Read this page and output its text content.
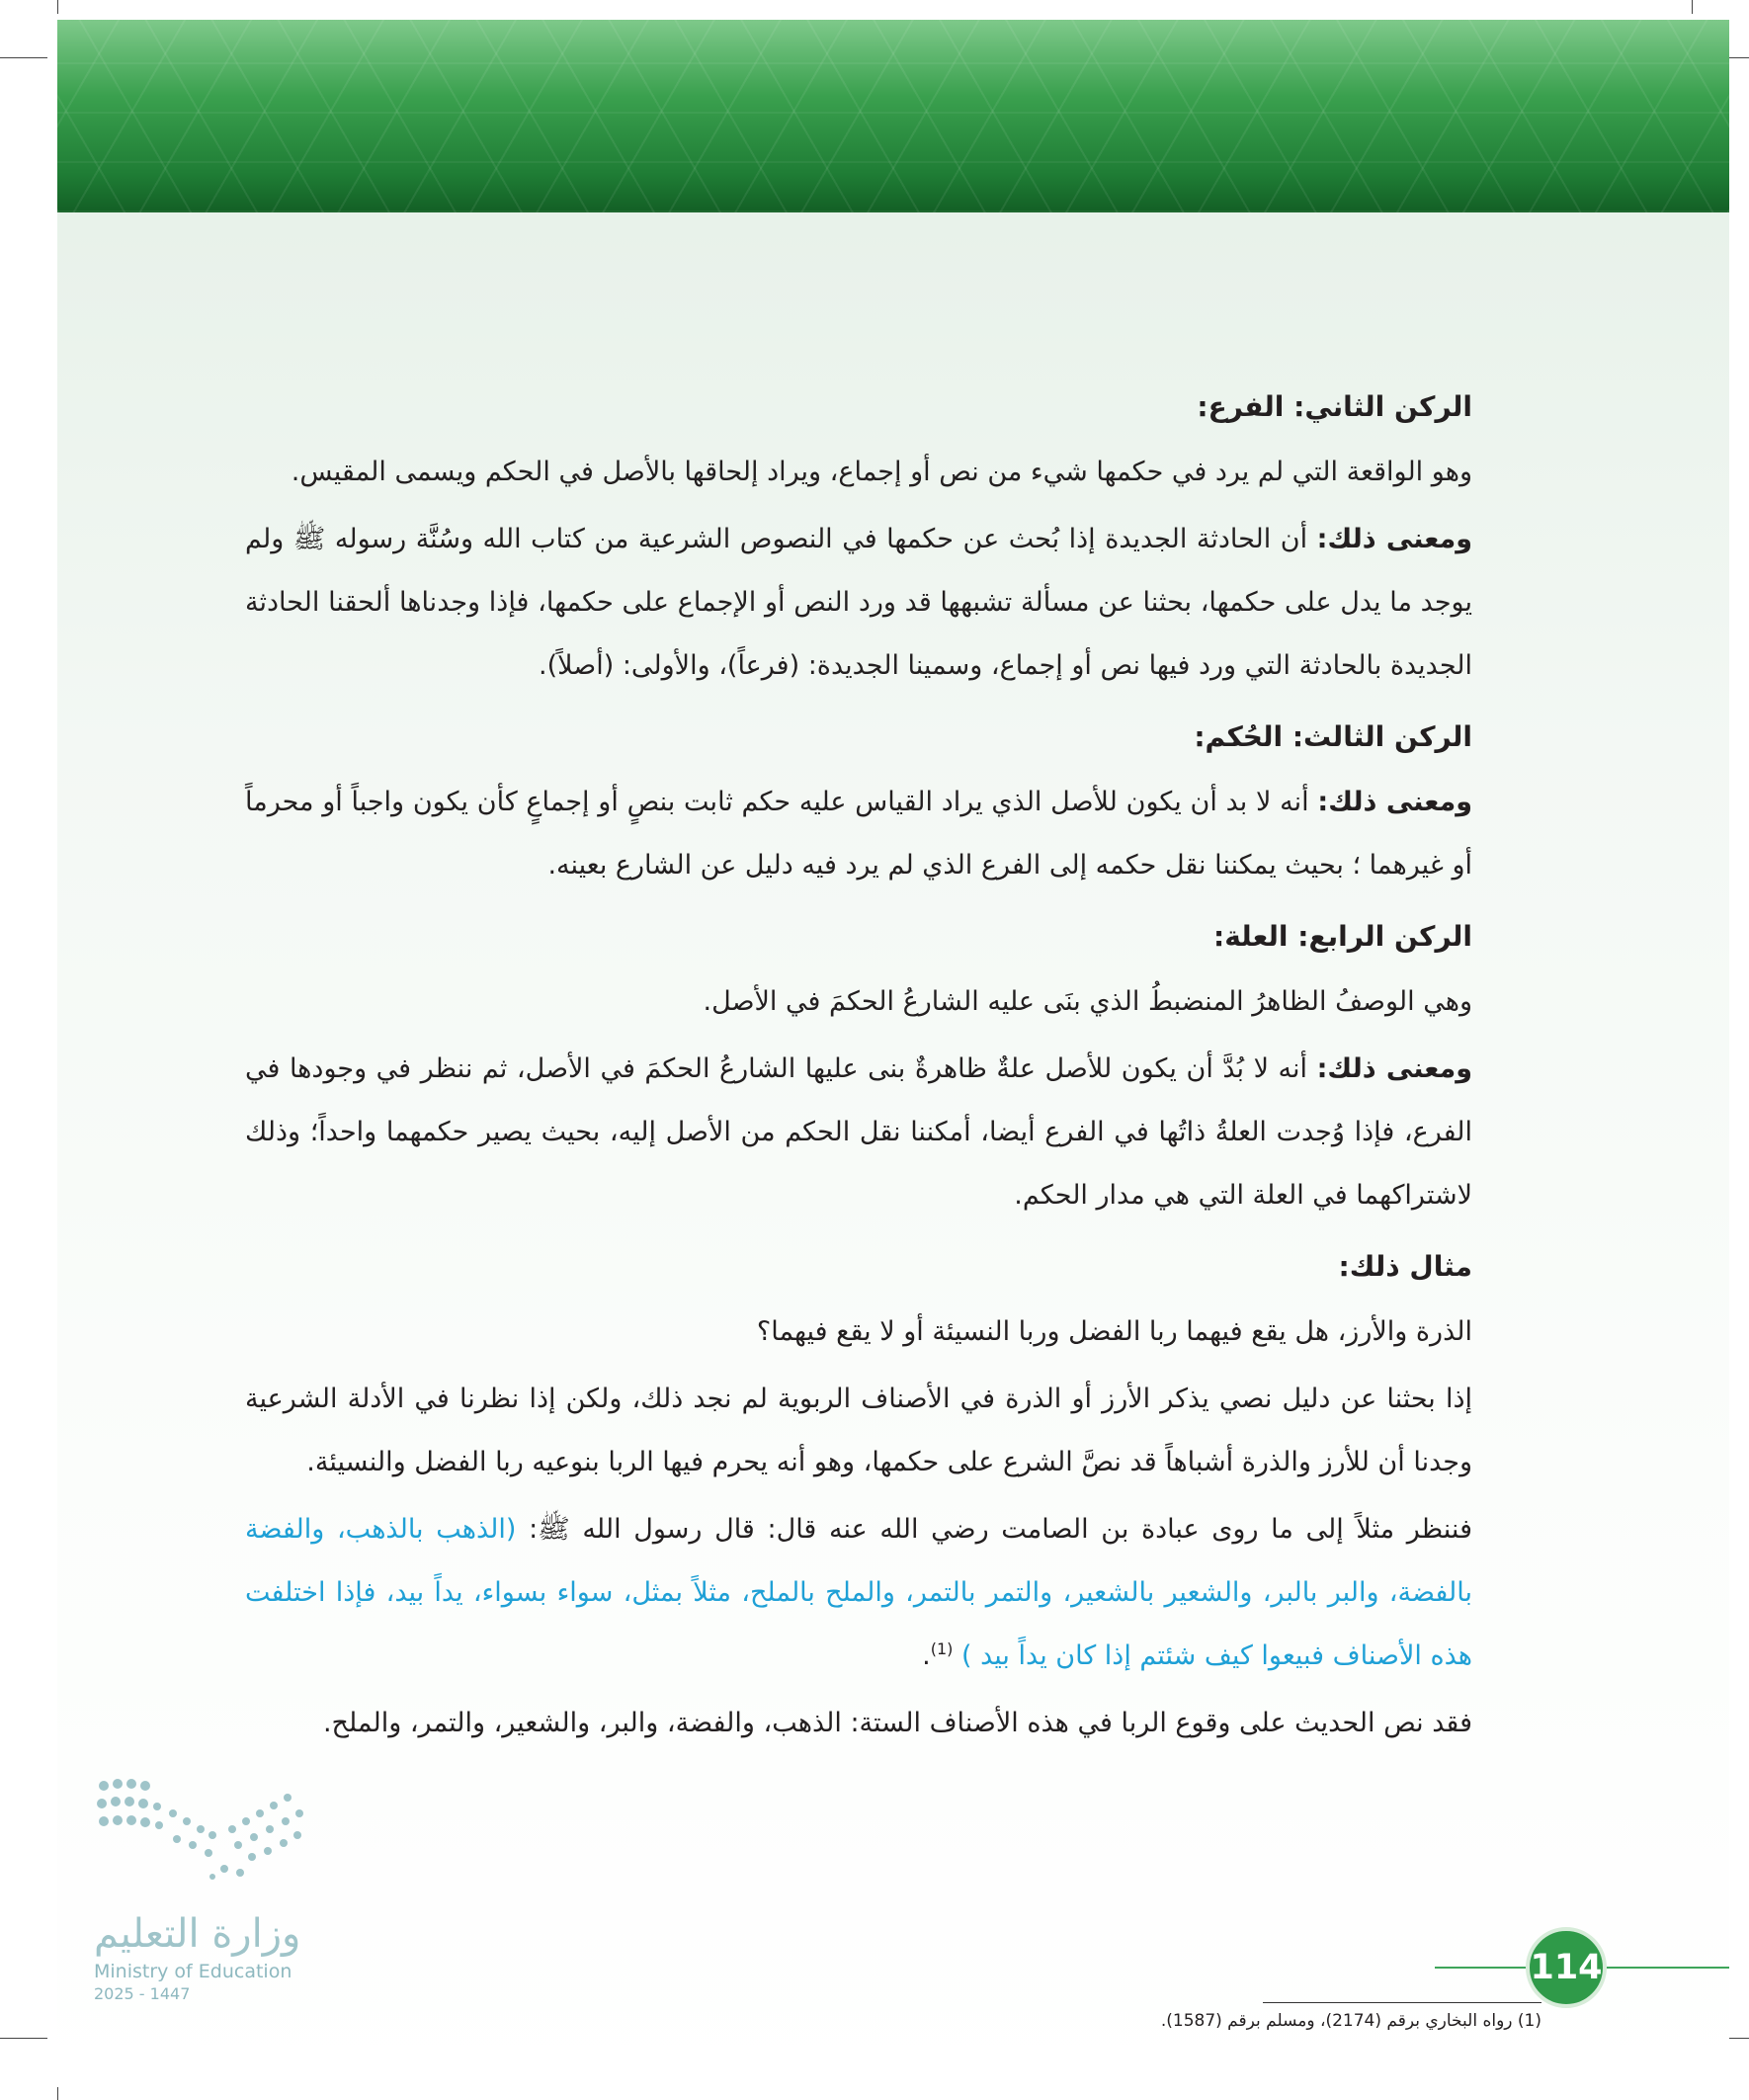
الركن الثاني: الفرع:

وهو الواقعة التي لم يرد في حكمها شيء من نص أو إجماع، ويراد إلحاقها بالأصل في الحكم ويسمى المقيس.

ومعنى ذلك: أن الحادثة الجديدة إذا بُحث عن حكمها في النصوص الشرعية من كتاب الله وسُنَّة رسوله ﷺ ولم يوجد ما يدل على حكمها، بحثنا عن مسألة تشبهها قد ورد النص أو الإجماع على حكمها، فإذا وجدناها ألحقنا الحادثة الجديدة بالحادثة التي ورد فيها نص أو إجماع، وسمينا الجديدة: (فرعاً)، والأولى: (أصلاً).

الركن الثالث: الحُكم:

ومعنى ذلك: أنه لا بد أن يكون للأصل الذي يراد القياس عليه حكم ثابت بنصٍ أو إجماعٍ كأن يكون واجباً أو محرماً أو غيرهما ؛ بحيث يمكننا نقل حكمه إلى الفرع الذي لم يرد فيه دليل عن الشارع بعينه.

الركن الرابع: العلة:

وهي الوصفُ الظاهرُ المنضبطُ الذي بنَى عليه الشارعُ الحكمَ في الأصل.

ومعنى ذلك: أنه لا بُدَّ أن يكون للأصل علةٌ ظاهرةٌ بنى عليها الشارعُ الحكمَ في الأصل، ثم ننظر في وجودها في الفرع، فإذا وُجدت العلةُ ذاتُها في الفرع أيضا، أمكننا نقل الحكم من الأصل إليه، بحيث يصير حكمهما واحداً؛ وذلك لاشتراكهما في العلة التي هي مدار الحكم.

مثال ذلك:

الذرة والأرز، هل يقع فيهما ربا الفضل وربا النسيئة أو لا يقع فيهما؟

إذا بحثنا عن دليل نصي يذكر الأرز أو الذرة في الأصناف الربوية لم نجد ذلك، ولكن إذا نظرنا في الأدلة الشرعية وجدنا أن للأرز والذرة أشباهاً قد نصَّ الشرع على حكمها، وهو أنه يحرم فيها الربا بنوعيه ربا الفضل والنسيئة.

فننظر مثلاً إلى ما روى عبادة بن الصامت رضي الله عنه قال: قال رسول الله ﷺ: (الذهب بالذهب، والفضة بالفضة، والبر بالبر، والشعير بالشعير، والتمر بالتمر، والملح بالملح، مثلاً بمثل، سواء بسواء، يداً بيد، فإذا اختلفت هذه الأصناف فبيعوا كيف شئتم إذا كان يداً بيد ) $^{(1)}$.

فقد نص الحديث على وقوع الربا في هذه الأصناف الستة: الذهب، والفضة، والبر، والشعير، والتمر، والملح.

(1) رواه البخاري برقم (2174)، ومسلم برقم (1587).
114
وزارة التعليم
Ministry of Education
2025 - 1447
